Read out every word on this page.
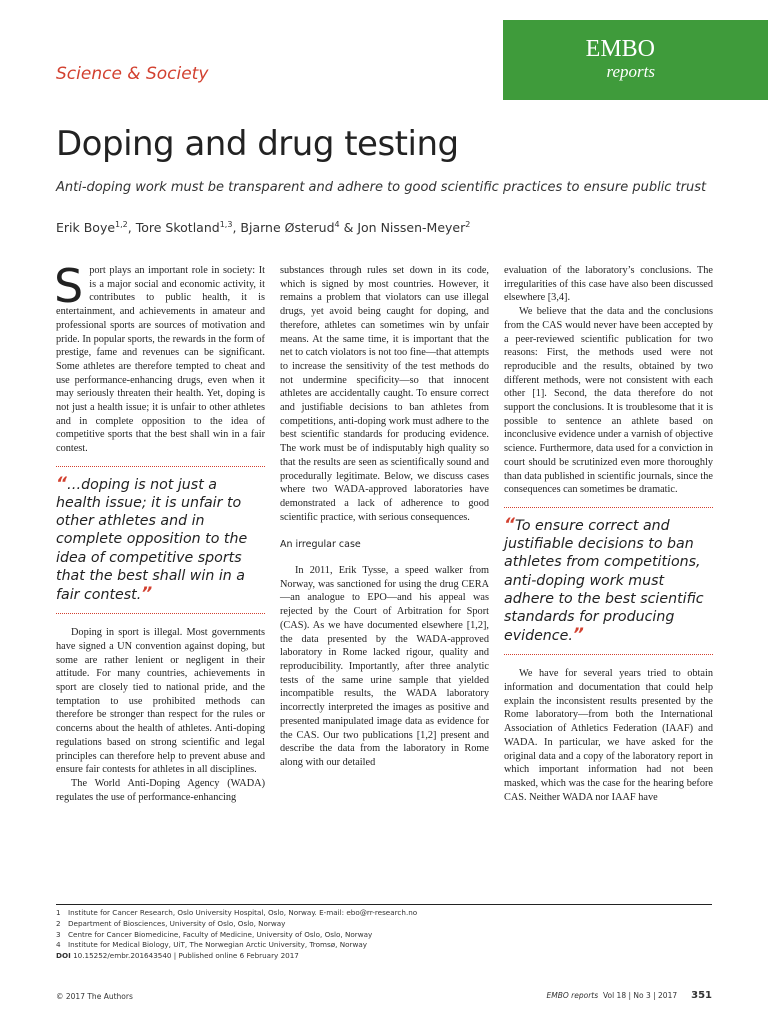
Science & Society
EMBO
reports
Doping and drug testing
Anti-doping work must be transparent and adhere to good scientific practices to ensure public trust
Erik Boye$^{1,2}$, Tore Skotland$^{1,3}$, Bjarne Østerud$^4$ & Jon Nissen-Meyer$^2$

Sport plays an important role in society: It is a major social and economic activity, it contributes to public health, it is entertainment, and achievements in amateur and professional sports are sources of motivation and pride. In popular sports, the rewards in the form of prestige, fame and revenues can be significant. Some athletes are therefore tempted to cheat and use performance-enhancing drugs, even when it may seriously threaten their health. Yet, doping is not just a health issue; it is unfair to other athletes and in complete opposition to the idea of competitive sports that the best shall win in a fair contest.

“…doping is not just a health issue; it is unfair to other athletes and in complete opposition to the idea of competitive sports that the best shall win in a fair contest.”

Doping in sport is illegal. Most governments have signed a UN convention against doping, but some are rather lenient or negligent in their attitude. For many countries, achievements in sport are closely tied to national pride, and the temptation to use prohibited methods can therefore be stronger than respect for the rules or concerns about the health of athletes. Anti-doping regulations based on strong scientific and legal principles can therefore help to prevent abuse and ensure fair contests for athletes in all disciplines.

The World Anti-Doping Agency (WADA) regulates the use of performance-enhancing

substances through rules set down in its code, which is signed by most countries. However, it remains a problem that violators can use illegal drugs, yet avoid being caught for doping, and therefore, athletes can sometimes win by unfair means. At the same time, it is important that the net to catch violators is not too fine—that attempts to increase the sensitivity of the test methods do not undermine specificity—so that innocent athletes are accidentally caught. To ensure correct and justifiable decisions to ban athletes from competitions, anti-doping work must adhere to the best scientific standards for producing evidence. The work must be of indisputably high quality so that the results are seen as scientifically sound and procedurally legitimate. Below, we discuss cases where two WADA-approved laboratories have demonstrated a lack of adherence to good scientific practice, with serious consequences.

An irregular case

In 2011, Erik Tysse, a speed walker from Norway, was sanctioned for using the drug CERA—an analogue to EPO—and his appeal was rejected by the Court of Arbitration for Sport (CAS). As we have documented elsewhere [1,2], the data presented by the WADA-approved laboratory in Rome lacked rigour, quality and reproducibility. Importantly, after three analytic tests of the same urine sample that yielded incompatible results, the WADA laboratory incorrectly interpreted the images as positive and presented manipulated image data as evidence for the CAS. Our two publications [1,2] present and describe the data from the laboratory in Rome along with our detailed

evaluation of the laboratory’s conclusions. The irregularities of this case have also been discussed elsewhere [3,4].

We believe that the data and the conclusions from the CAS would never have been accepted by a peer-reviewed scientific publication for two reasons: First, the methods used were not reproducible and the results, obtained by two different methods, were not consistent with each other [1]. Second, the data therefore do not support the conclusions. It is troublesome that it is possible to sentence an athlete based on inconclusive evidence under a varnish of objective science. Furthermore, data used for a conviction in court should be scrutinized even more thoroughly than data published in scientific journals, since the consequences can sometimes be dramatic.

“To ensure correct and justifiable decisions to ban athletes from competitions, anti-doping work must adhere to the best scientific standards for producing evidence.”

We have for several years tried to obtain information and documentation that could help explain the inconsistent results presented by the Rome laboratory—from both the International Association of Athletics Federation (IAAF) and WADA. In particular, we have asked for the original data and a copy of the laboratory report in which important information had not been masked, which was the case for the hearing before CAS. Neither WADA nor IAAF have

1 Institute for Cancer Research, Oslo University Hospital, Oslo, Norway. E-mail: ebo@rr-research.no
2 Department of Biosciences, University of Oslo, Oslo, Norway
3 Centre for Cancer Biomedicine, Faculty of Medicine, University of Oslo, Oslo, Norway
4 Institute for Medical Biology, UiT, The Norwegian Arctic University, Tromsø, Norway
DOI 10.15252/embr.201643540 | Published online 6 February 2017
© 2017 The Authors	EMBO reports Vol 18 | No 3 | 2017 351
